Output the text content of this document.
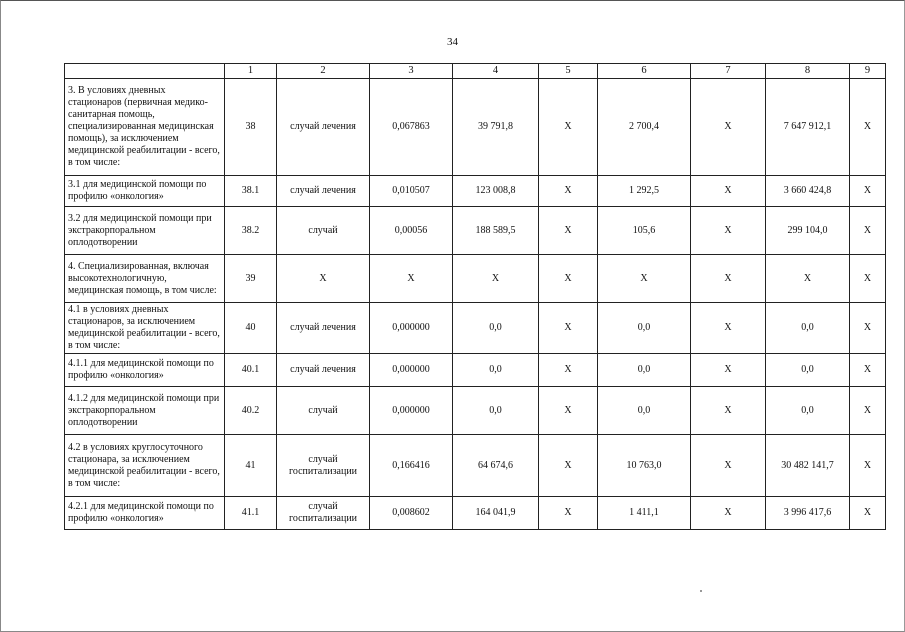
34
	1	2	3	4	5	6	7	8	9
3. В условиях дневных стационаров (первичная медико-санитарная помощь, специализированная медицинская помощь), за исключением медицинской реабилитации - всего, в том числе:	38	случай лечения	0,067863	39 791,8	X	2 700,4	X	7 647 912,1	X
3.1 для медицинской помощи по профилю «онкология»	38.1	случай лечения	0,010507	123 008,8	X	1 292,5	X	3 660 424,8	X
3.2 для медицинской помощи при экстракорпоральном оплодотворении	38.2	случай	0,00056	188 589,5	X	105,6	X	299 104,0	X
4. Специализированная, включая высокотехнологичную, медицинская помощь, в том числе:	39	X	X	X	X	X	X	X	X
4.1 в условиях дневных стационаров, за исключением медицинской реабилитации - всего, в том числе:	40	случай лечения	0,000000	0,0	X	0,0	X	0,0	X
4.1.1 для медицинской помощи по профилю «онкология»	40.1	случай лечения	0,000000	0,0	X	0,0	X	0,0	X
4.1.2 для медицинской помощи при экстракорпоральном оплодотворении	40.2	случай	0,000000	0,0	X	0,0	X	0,0	X
4.2 в условиях круглосуточного стационара, за исключением медицинской реабилитации - всего, в том числе:	41	случай госпитализации	0,166416	64 674,6	X	10 763,0	X	30 482 141,7	X
4.2.1 для медицинской помощи по профилю «онкология»	41.1	случай госпитализации	0,008602	164 041,9	X	1 411,1	X	3 996 417,6	X
